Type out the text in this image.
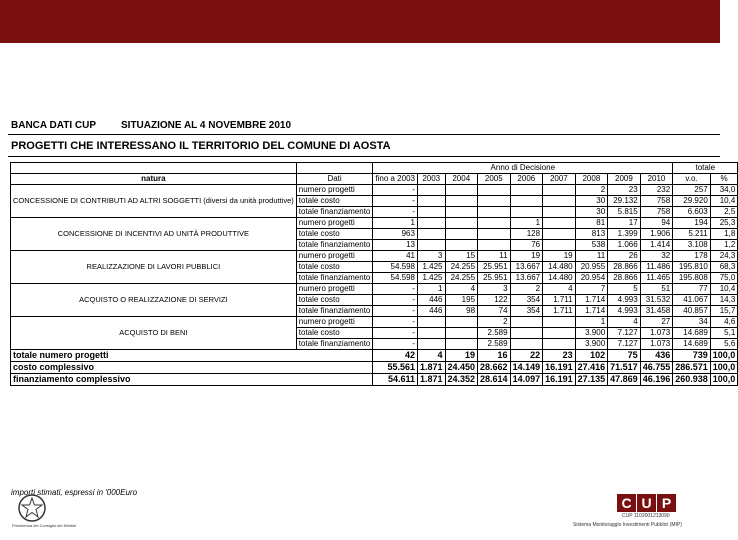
BANCA DATI CUP	SITUAZIONE AL 4 NOVEMBRE 2010
PROGETTI CHE INTERESSANO IL TERRITORIO DEL COMUNE DI AOSTA
		Anno di Decisione									totale	
natura	Dati	fino a 2003	2003	2004	2005	2006	2007	2008	2009	2010	v.o.	%
CONCESSIONE DI CONTRIBUTI AD ALTRI SOGGETTI (diversi da unità produttive)	numero progetti	-						2	23	232	257	34,0
	totale costo	-						30	29.132	758	29.920	10,4
	totale finanziamento	-						30	5.815	758	6.603	2,5
CONCESSIONE DI INCENTIVI AD UNITÀ PRODUTTIVE	numero progetti	1				1		81	17	94	194	25,3
	totale costo	963				128		813	1.399	1.906	5.211	1,8
	totale finanziamento	13				76		538	1.066	1.414	3.108	1,2
REALIZZAZIONE DI LAVORI PUBBLICI	numero progetti	41	3	15	11	19	19	11	26	32	178	24,3
	totale costo	54.598	1.425	24.255	25.951	13.667	14.480	20.955	28.866	11.486	195.810	68,3
	totale finanziamento	54.598	1.425	24.255	25.951	13.667	14.480	20.954	28.866	11.465	195.808	75,0
ACQUISTO O REALIZZAZIONE DI SERVIZI	numero progetti	-	1	4	3	2	4	7	5	51	77	10,4
	totale costo	-	446	195	122	354	1.711	1.714	4.993	31.532	41.067	14,3
	totale finanziamento	-	446	98	74	354	1.711	1.714	4.993	31.458	40.857	15,7
ACQUISTO DI BENI	numero progetti	-			2			1	4	27	34	4,6
	totale costo	-			2.589			3.900	7.127	1.073	14.689	5,1
	totale finanziamento	-			2.589			3.900	7.127	1.073	14.689	5,6
totale numero progetti		42	4	19	16	22	23	102	75	436	739	100,0
costo complessivo		55.561	1.871	24.450	28.662	14.149	16.191	27.416	71.517	46.755	286.571	100,0
finanziamento complessivo		54.611	1.871	24.352	28.614	14.097	16.191	27.135	47.869	46.196	260.938	100,0
importi stimati, espressi in '000Euro
Presidenza del Consiglio dei Ministri
C U P
CUP 1102001213090
Sistema Monitoraggio Investimenti Pubblici (MIP)
